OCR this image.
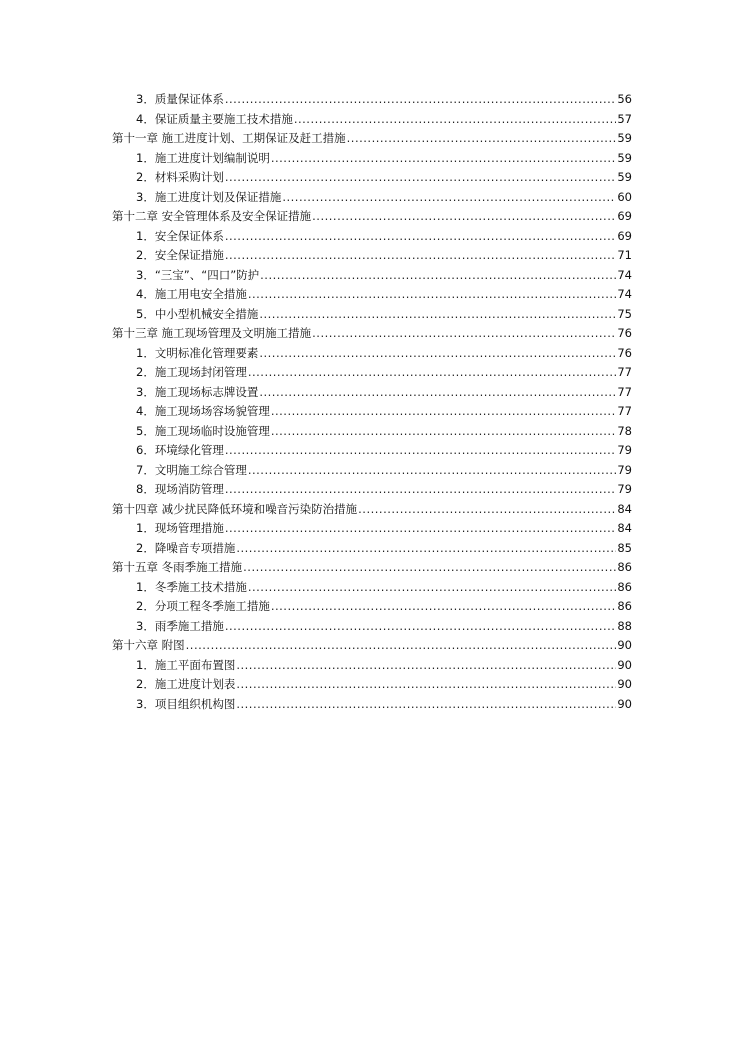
3．质量保证体系 .....	56
4．保证质量主要施工技术措施 .....	57
第十一章 施工进度计划、工期保证及赶工措施 .....	59
1．施工进度计划编制说明 .....	59
2．材料采购计划 .....	59
3．施工进度计划及保证措施 .....	60
第十二章 安全管理体系及安全保证措施 .....	69
1．安全保证体系 .....	69
2．安全保证措施 .....	71
3．“三宝”、“四口”防护 .....	74
4．施工用电安全措施 .....	74
5．中小型机械安全措施 .....	75
第十三章 施工现场管理及文明施工措施 .....	76
1．文明标准化管理要素 .....	76
2．施工现场封闭管理 .....	77
3．施工现场标志牌设置 .....	77
4．施工现场场容场貌管理 .....	77
5．施工现场临时设施管理 .....	78
6．环境绿化管理 .....	79
7．文明施工综合管理 .....	79
8．现场消防管理 .....	79
第十四章 减少扰民降低环境和噪音污染防治措施 .....	84
1．现场管理措施 .....	84
2．降噪音专项措施 .....	85
第十五章 冬雨季施工措施 .....	86
1．冬季施工技术措施 .....	86
2．分项工程冬季施工措施 .....	86
3．雨季施工措施 .....	88
第十六章 附图 .....	90
1．施工平面布置图 .....	90
2．施工进度计划表 .....	90
3．项目组织机构图 .....	90
